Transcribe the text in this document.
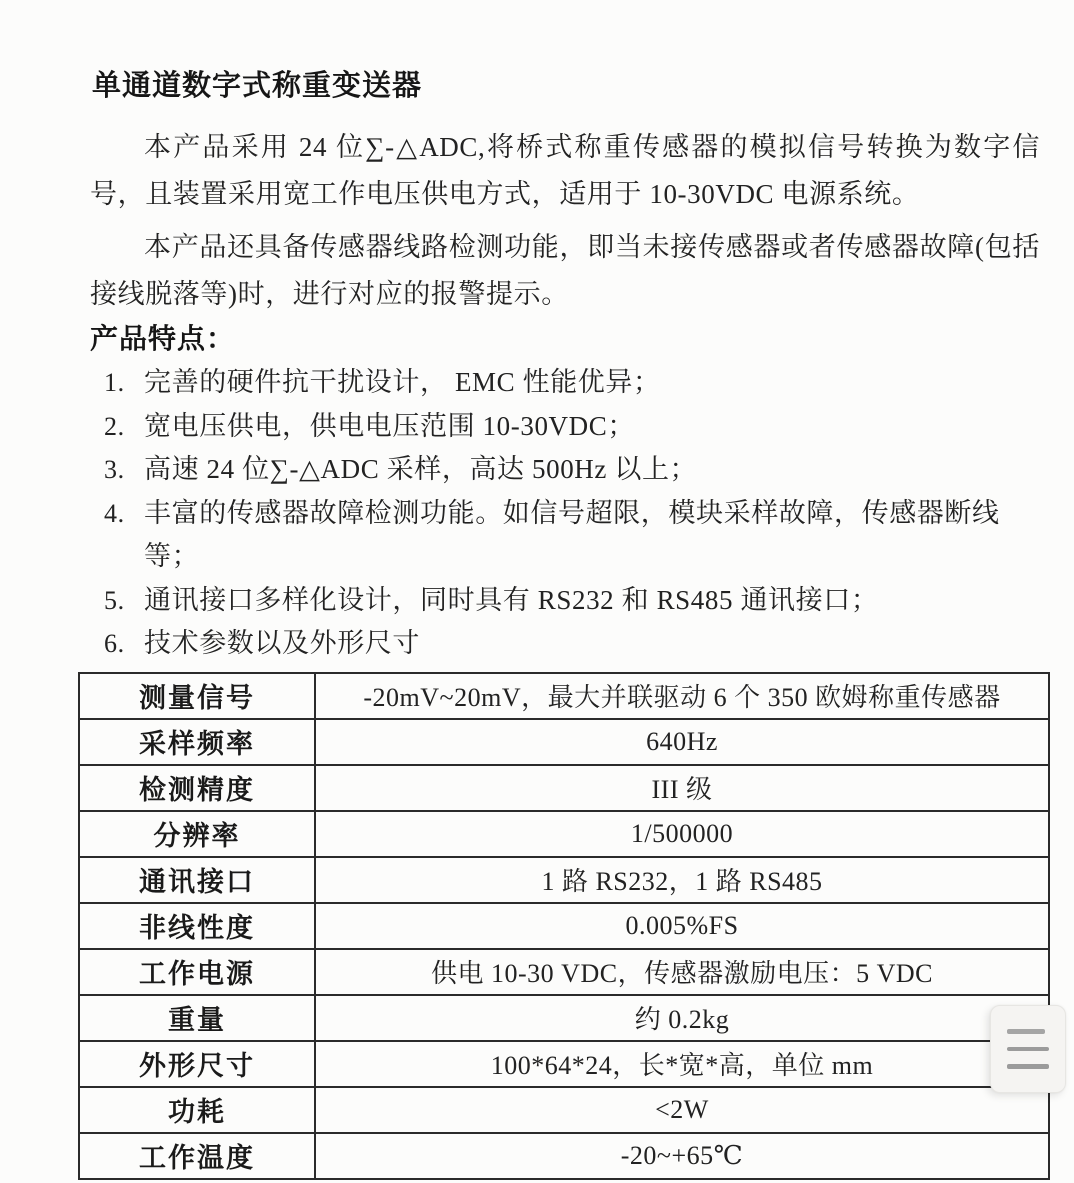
单通道数字式称重变送器

本产品采用 24 位∑-△ADC,将桥式称重传感器的模拟信号转换为数字信号，且装置采用宽工作电压供电方式，适用于 10-30VDC 电源系统。

本产品还具备传感器线路检测功能，即当未接传感器或者传感器故障(包括接线脱落等)时，进行对应的报警提示。

产品特点：
1. 完善的硬件抗干扰设计， EMC 性能优异；
2. 宽电压供电，供电电压范围 10-30VDC；
3. 高速 24 位∑-△ADC 采样，高达 500Hz 以上；
4. 丰富的传感器故障检测功能。如信号超限，模块采样故障，传感器断线等；
5. 通讯接口多样化设计，同时具有 RS232 和 RS485 通讯接口；
6. 技术参数以及外形尺寸
测量信号	-20mV~20mV，最大并联驱动 6 个 350 欧姆称重传感器
采样频率	640Hz
检测精度	III 级
分辨率	1/500000
通讯接口	1 路 RS232，1 路 RS485
非线性度	0.005%FS
工作电源	供电 10-30 VDC，传感器激励电压：5 VDC
重量	约 0.2kg
外形尺寸	100*64*24，长*宽*高，单位 mm
功耗	<2W
工作温度	-20~+65℃
